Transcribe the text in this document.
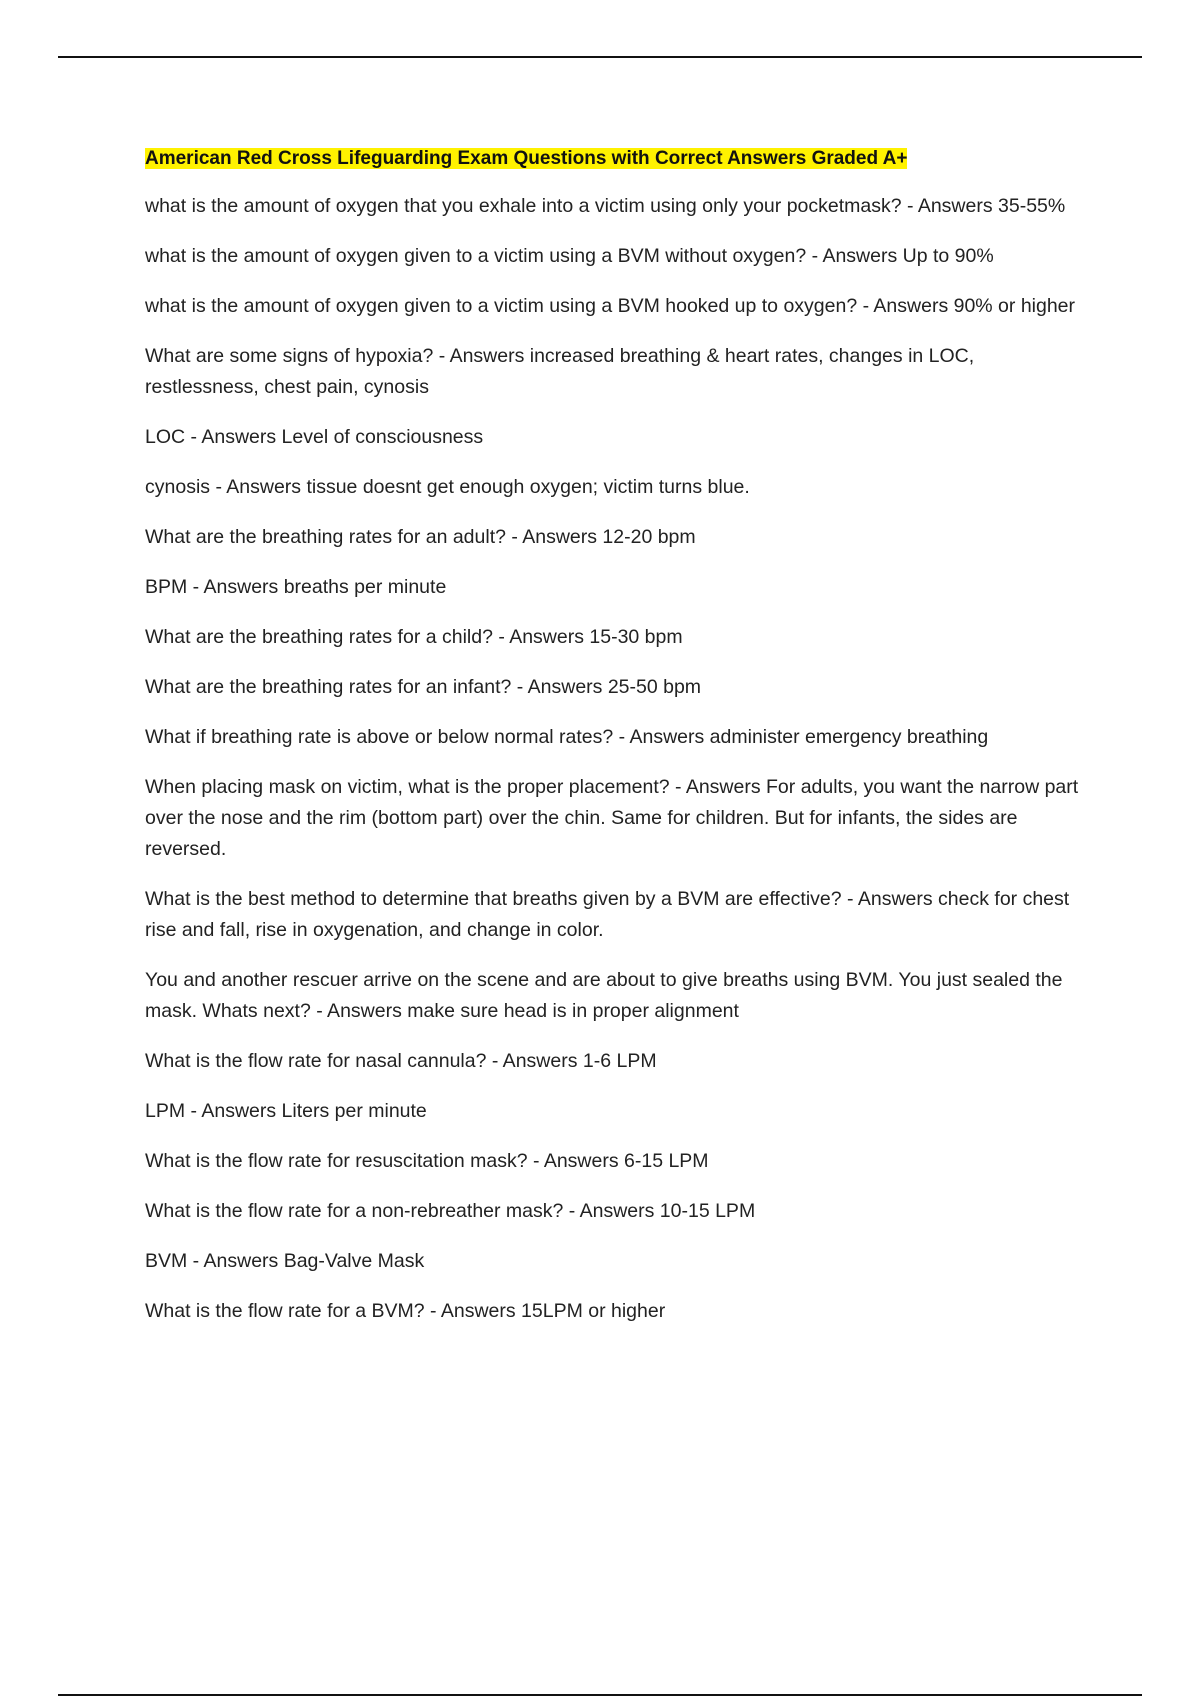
American Red Cross Lifeguarding Exam Questions with Correct Answers Graded A+

what is the amount of oxygen that you exhale into a victim using only your pocketmask? - Answers 35-55%

what is the amount of oxygen given to a victim using a BVM without oxygen? - Answers Up to 90%

what is the amount of oxygen given to a victim using a BVM hooked up to oxygen? - Answers 90% or higher

What are some signs of hypoxia? - Answers increased breathing & heart rates, changes in LOC, restlessness, chest pain, cynosis

LOC - Answers Level of consciousness

cynosis - Answers tissue doesnt get enough oxygen; victim turns blue.

What are the breathing rates for an adult? - Answers 12-20 bpm

BPM - Answers breaths per minute

What are the breathing rates for a child? - Answers 15-30 bpm

What are the breathing rates for an infant? - Answers 25-50 bpm

What if breathing rate is above or below normal rates? - Answers administer emergency breathing

When placing mask on victim, what is the proper placement? - Answers For adults, you want the narrow part over the nose and the rim (bottom part) over the chin. Same for children. But for infants, the sides are reversed.

What is the best method to determine that breaths given by a BVM are effective? - Answers check for chest rise and fall, rise in oxygenation, and change in color.

You and another rescuer arrive on the scene and are about to give breaths using BVM. You just sealed the mask. Whats next? - Answers make sure head is in proper alignment

What is the flow rate for nasal cannula? - Answers 1-6 LPM

LPM - Answers Liters per minute

What is the flow rate for resuscitation mask? - Answers 6-15 LPM

What is the flow rate for a non-rebreather mask? - Answers 10-15 LPM

BVM - Answers Bag-Valve Mask

What is the flow rate for a BVM? - Answers 15LPM or higher
